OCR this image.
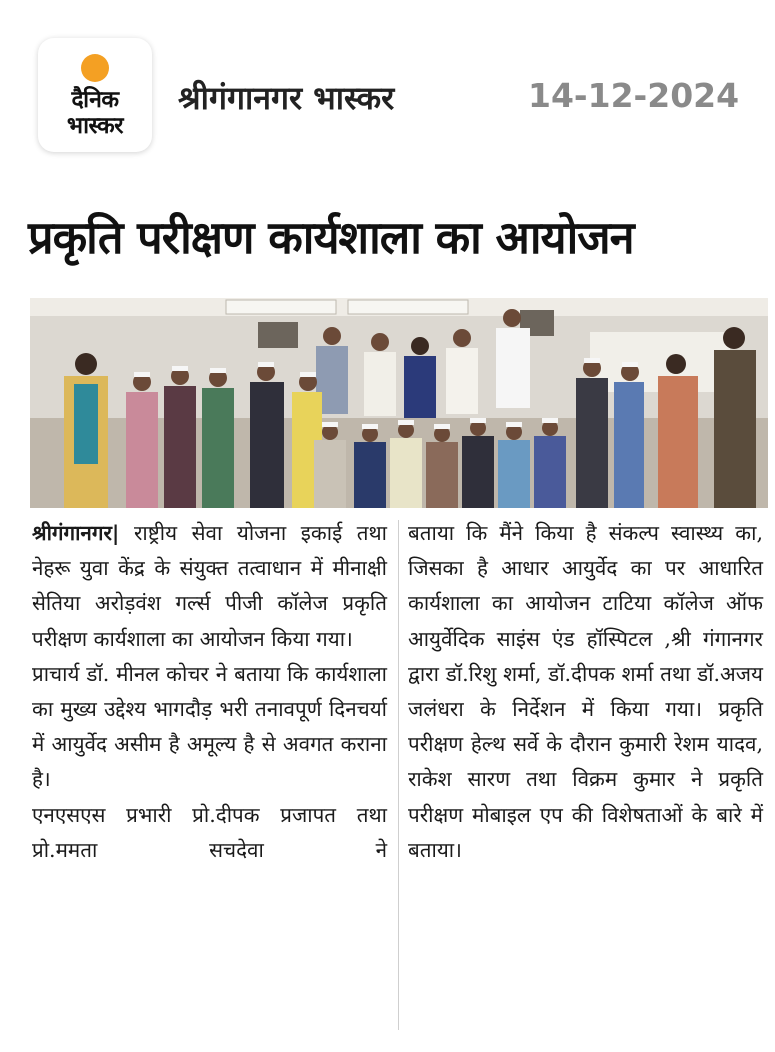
दैनिक
भास्कर
श्रीगंगानगर भास्कर	14-12-2024
प्रकृति परीक्षण कार्यशाला का आयोजन

श्रीगंगानगर| राष्ट्रीय सेवा योजना इकाई तथा नेहरू युवा केंद्र के संयुक्त तत्वाधान में मीनाक्षी सेतिया अरोड़वंश गर्ल्स पीजी कॉलेज प्रकृति परीक्षण कार्यशाला का आयोजन किया गया।

प्राचार्य डॉ. मीनल कोचर ने बताया कि कार्यशाला का मुख्य उद्देश्य भागदौड़ भरी तनावपूर्ण दिनचर्या में आयुर्वेद असीम है अमूल्य है से अवगत कराना है।

एनएसएस प्रभारी प्रो.दीपक प्रजापत तथा प्रो.ममता सचदेवा ने

बताया कि मैंने किया है संकल्प स्वास्थ्य का, जिसका है आधार आयुर्वेद का पर आधारित कार्यशाला का आयोजन टाटिया कॉलेज ऑफ आयुर्वेदिक साइंस एंड हॉस्पिटल ,श्री गंगानगर द्वारा डॉ.रिशु शर्मा, डॉ.दीपक शर्मा तथा डॉ.अजय जलंधरा के निर्देशन में किया गया। प्रकृति परीक्षण हेल्थ सर्वे के दौरान कुमारी रेशम यादव, राकेश सारण तथा विक्रम कुमार ने प्रकृति परीक्षण मोबाइल एप की विशेषताओं के बारे में बताया।
